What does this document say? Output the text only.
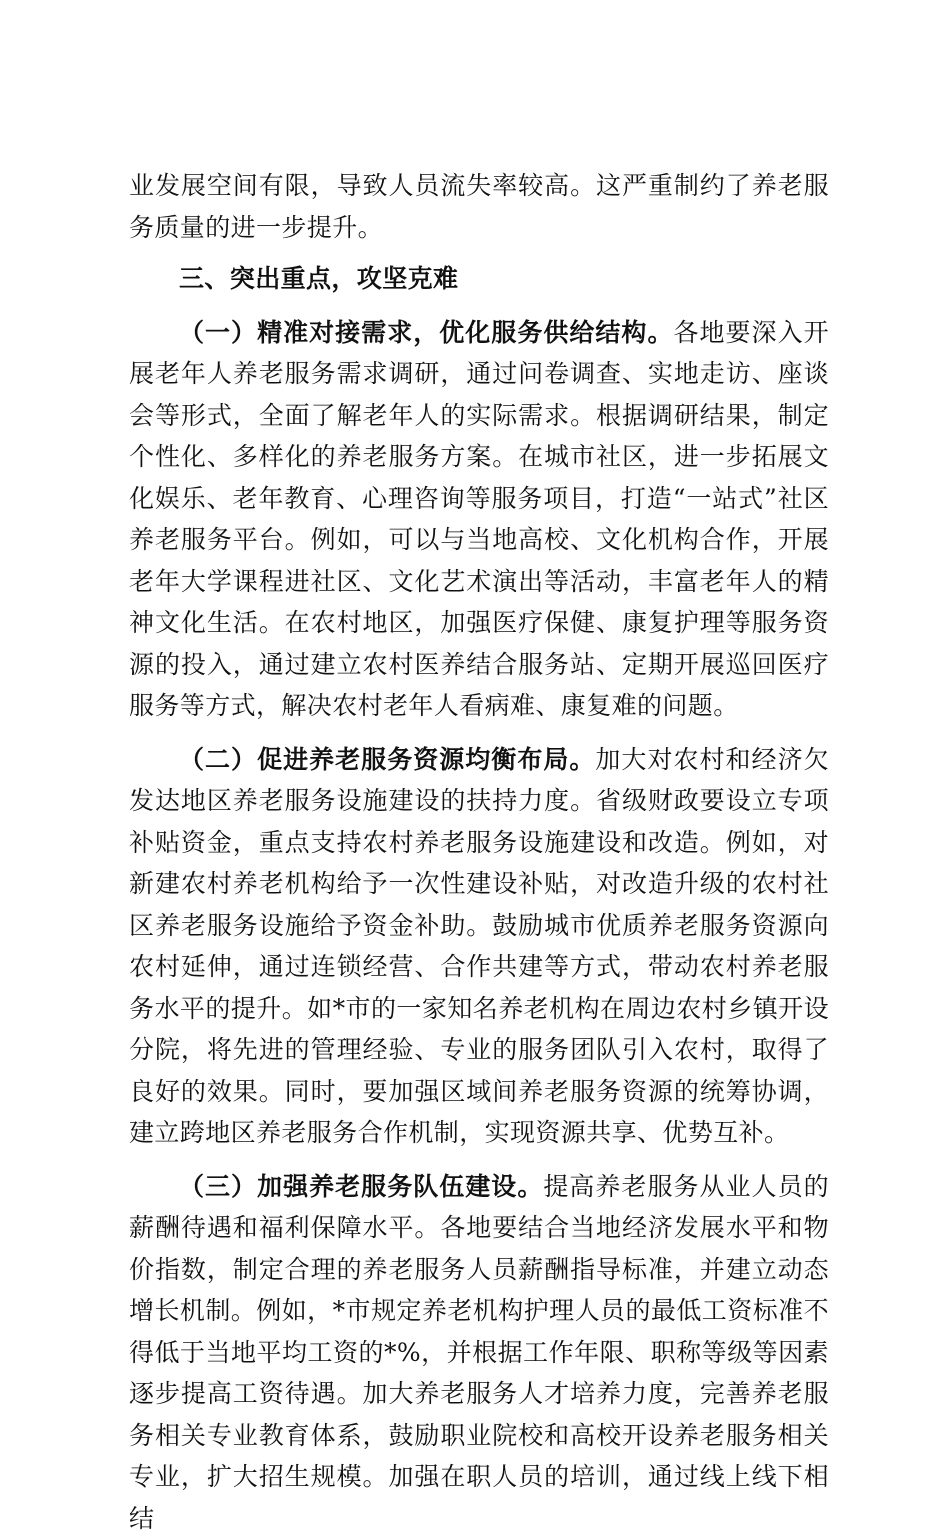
业发展空间有限，导致人员流失率较高。这严重制约了养老服务质量的进一步提升。

三、突出重点，攻坚克难

（一）精准对接需求，优化服务供给结构。各地要深入开展老年人养老服务需求调研，通过问卷调查、实地走访、座谈会等形式，全面了解老年人的实际需求。根据调研结果，制定个性化、多样化的养老服务方案。在城市社区，进一步拓展文化娱乐、老年教育、心理咨询等服务项目，打造“一站式”社区养老服务平台。例如，可以与当地高校、文化机构合作，开展老年大学课程进社区、文化艺术演出等活动，丰富老年人的精神文化生活。在农村地区，加强医疗保健、康复护理等服务资源的投入，通过建立农村医养结合服务站、定期开展巡回医疗服务等方式，解决农村老年人看病难、康复难的问题。

（二）促进养老服务资源均衡布局。加大对农村和经济欠发达地区养老服务设施建设的扶持力度。省级财政要设立专项补贴资金，重点支持农村养老服务设施建设和改造。例如，对新建农村养老机构给予一次性建设补贴，对改造升级的农村社区养老服务设施给予资金补助。鼓励城市优质养老服务资源向农村延伸，通过连锁经营、合作共建等方式，带动农村养老服务水平的提升。如*市的一家知名养老机构在周边农村乡镇开设分院，将先进的管理经验、专业的服务团队引入农村，取得了良好的效果。同时，要加强区域间养老服务资源的统筹协调，建立跨地区养老服务合作机制，实现资源共享、优势互补。

（三）加强养老服务队伍建设。提高养老服务从业人员的薪酬待遇和福利保障水平。各地要结合当地经济发展水平和物价指数，制定合理的养老服务人员薪酬指导标准，并建立动态增长机制。例如，*市规定养老机构护理人员的最低工资标准不得低于当地平均工资的*%，并根据工作年限、职称等级等因素逐步提高工资待遇。加大养老服务人才培养力度，完善养老服务相关专业教育体系，鼓励职业院校和高校开设养老服务相关专业，扩大招生规模。加强在职人员的培训，通过线上线下相结
